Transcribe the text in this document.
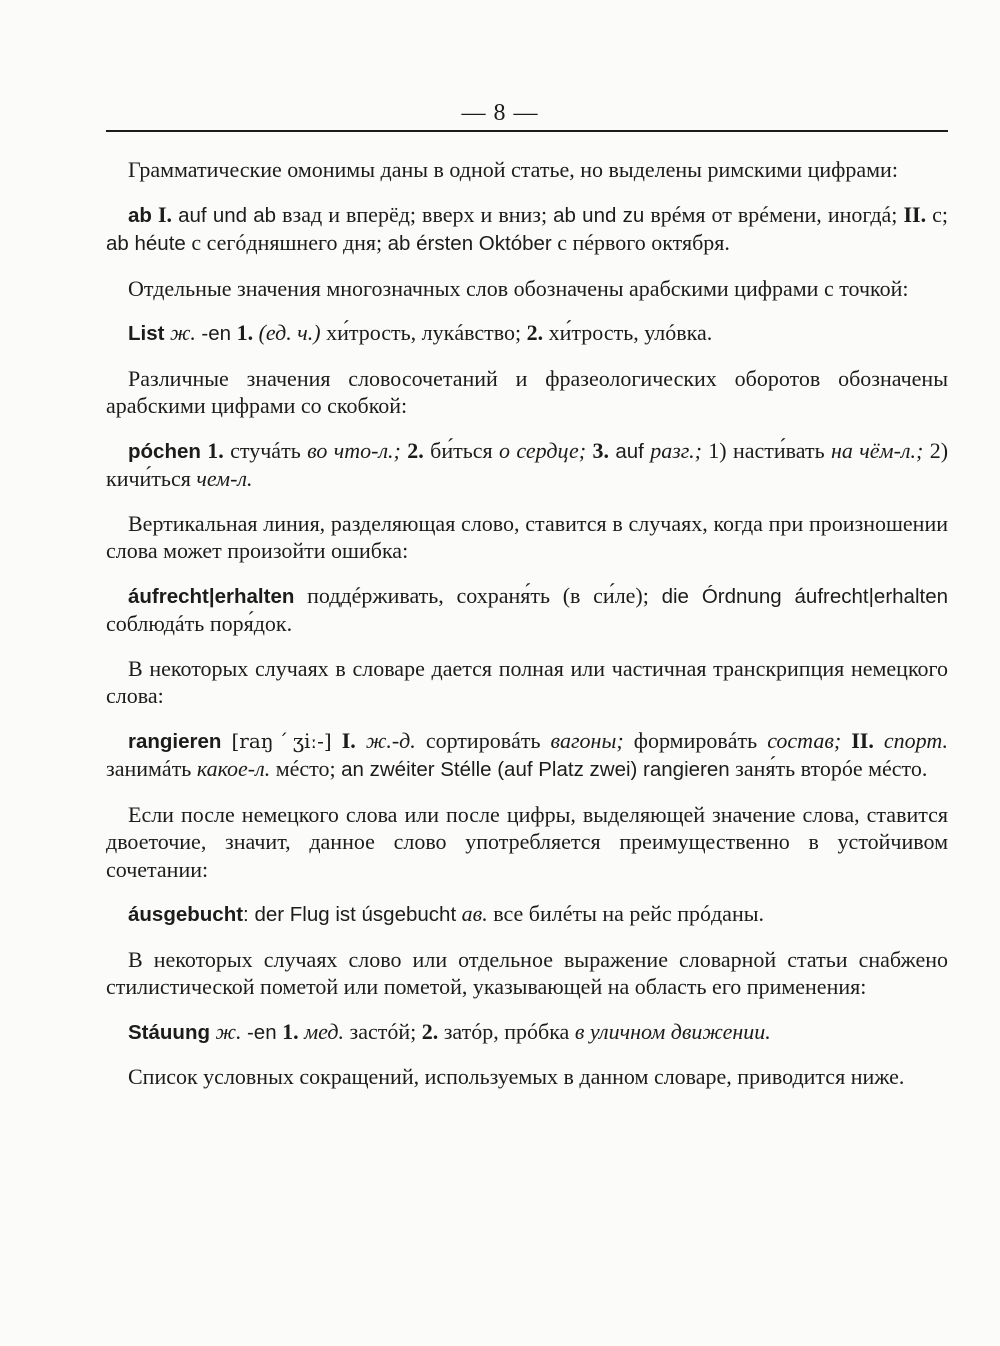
— 8 —

Грамматические омонимы даны в одной статье, но выделены римскими цифрами:

ab I. auf und ab взад и вперёд; вверх и вниз; ab und zu врéмя от врéмени, иногдá; II. c; ab héute с сегóдняшнего дня; ab érsten Október с пéрвого октября.

Отдельные значения многозначных слов обозначены арабскими цифрами с точкой:

List ж. -en 1. (ед. ч.) хи́трость, лукáвство; 2. хи́трость, улóвка.

Различные значения словосочетаний и фразеологических оборотов обозначены арабскими цифрами со скобкой:

póchen 1. стучáть во что-л.; 2. би́ться о сердце; 3. auf разг.; 1) насти́вать на чём-л.; 2) кичи́ться чем-л.

Вертикальная линия, разделяющая слово, ставится в случаях, когда при произношении слова может произойти ошибка:

áufrecht|erhalten поддéрживать, сохраня́ть (в си́ле); die Órdnung áufrecht|erhalten соблюдáть поря́док.

В некоторых случаях в словаре дается полная или частичная транскрипция немецкого слова:

rangieren [raŋˊʒiː-] I. ж.-д. сортировáть вагоны; формировáть состав; II. спорт. занимáть какое-л. мéсто; an zwéiter Stélle (auf Platz zwei) rangieren заня́ть вторóе мéсто.

Если после немецкого слова или после цифры, выделяющей значение слова, ставится двоеточие, значит, данное слово употребляется преимущественно в устойчивом сочетании:

áusgebucht: der Flug ist úsgebucht ав. все билéты на рейс прóданы.

В некоторых случаях слово или отдельное выражение словарной статьи снабжено стилистической пометой или пометой, указывающей на область его применения:

Stáuung ж. -en 1. мед. застóй; 2. затóр, прóбка в уличном движении.

Список условных сокращений, используемых в данном словаре, приводится ниже.
